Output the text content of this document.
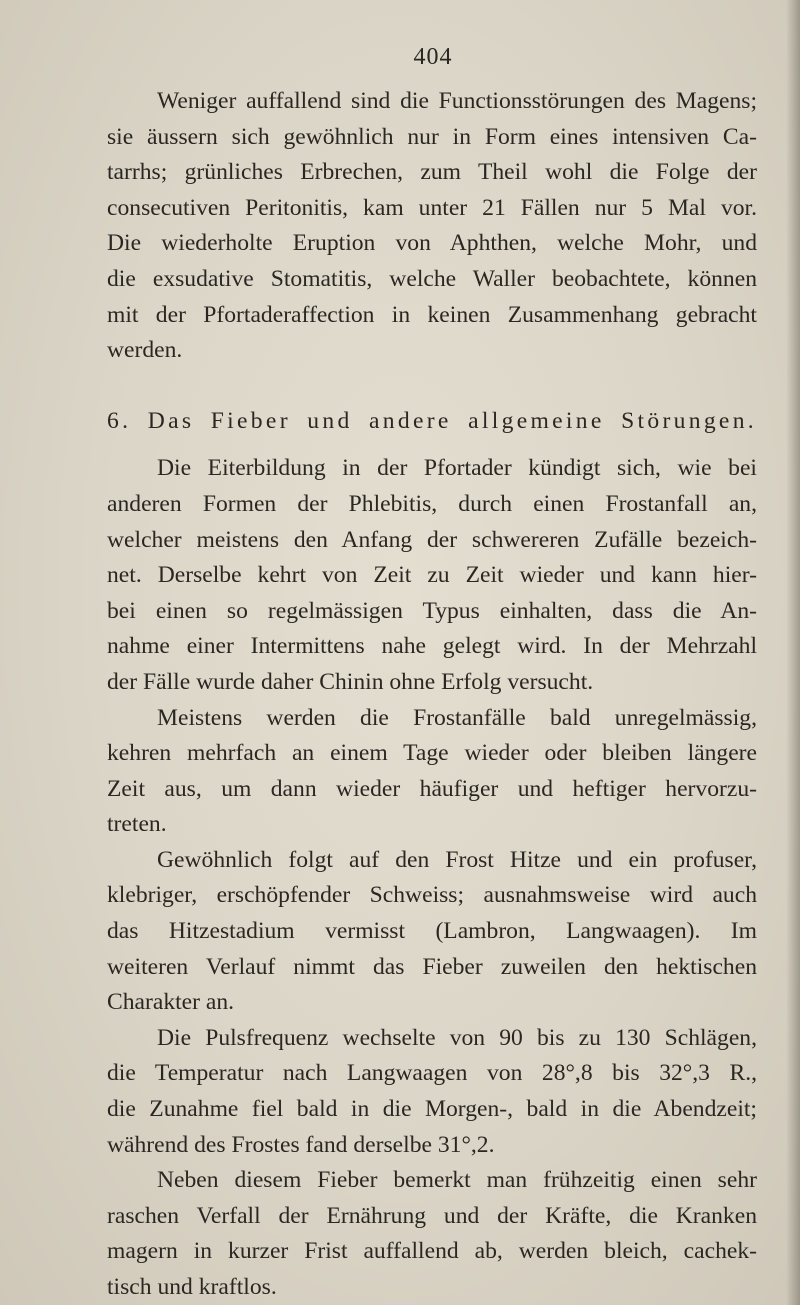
404
Weniger auffallend sind die Functionsstörungen des Magens;
sie äussern sich gewöhnlich nur in Form eines intensiven Ca-
tarrhs; grünliches Erbrechen, zum Theil wohl die Folge der
consecutiven Peritonitis, kam unter 21 Fällen nur 5 Mal vor.
Die wiederholte Eruption von Aphthen, welche Mohr, und
die exsudative Stomatitis, welche Waller beobachtete, können
mit der Pfortaderaffection in keinen Zusammenhang gebracht
werden.
6. Das Fieber und andere allgemeine Störungen.
Die Eiterbildung in der Pfortader kündigt sich, wie bei
anderen Formen der Phlebitis, durch einen Frostanfall an,
welcher meistens den Anfang der schwereren Zufälle bezeich-
net. Derselbe kehrt von Zeit zu Zeit wieder und kann hier-
bei einen so regelmässigen Typus einhalten, dass die An-
nahme einer Intermittens nahe gelegt wird. In der Mehrzahl
der Fälle wurde daher Chinin ohne Erfolg versucht.
Meistens werden die Frostanfälle bald unregelmässig,
kehren mehrfach an einem Tage wieder oder bleiben längere
Zeit aus, um dann wieder häufiger und heftiger hervorzu-
treten.
Gewöhnlich folgt auf den Frost Hitze und ein profuser,
klebriger, erschöpfender Schweiss; ausnahmsweise wird auch
das Hitzestadium vermisst (Lambron, Langwaagen). Im
weiteren Verlauf nimmt das Fieber zuweilen den hektischen
Charakter an.
Die Pulsfrequenz wechselte von 90 bis zu 130 Schlägen,
die Temperatur nach Langwaagen von 28°,8 bis 32°,3 R.,
die Zunahme fiel bald in die Morgen-, bald in die Abendzeit;
während des Frostes fand derselbe 31°,2.
Neben diesem Fieber bemerkt man frühzeitig einen sehr
raschen Verfall der Ernährung und der Kräfte, die Kranken
magern in kurzer Frist auffallend ab, werden bleich, cachek-
tisch und kraftlos.
